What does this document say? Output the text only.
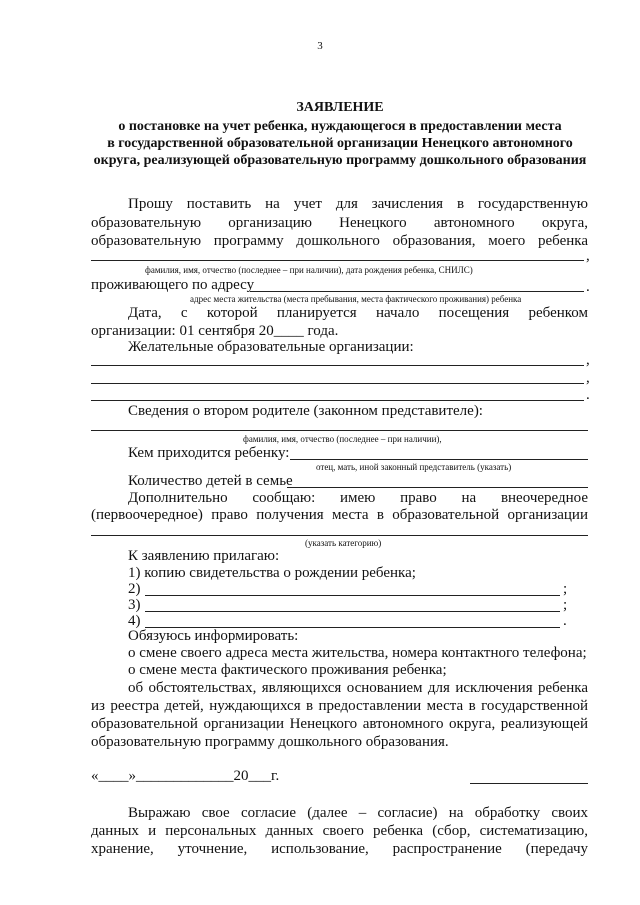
3
ЗАЯВЛЕНИЕ
о постановке на учет ребенка, нуждающегося в предоставлении места
в государственной образовательной организации Ненецкого автономного
округа, реализующей образовательную программу дошкольного образования
Прошу поставить на учет для зачисления в государственную
образовательную организацию Ненецкого автономного округа,
образовательную программу дошкольного образования, моего ребенка
,
фамилия, имя, отчество (последнее – при наличии), дата рождения ребенка, СНИЛС)
проживающего по адресу	.
адрес места жительства (места пребывания, места фактического проживания) ребенка
Дата, с которой планируется начало посещения ребенком
организации: 01 сентября 20____ года.
Желательные образовательные организации:
,
,
.
Сведения о втором родителе (законном представителе):
фамилия, имя, отчество (последнее – при наличии),
Кем приходится ребенку:
отец, мать, иной законный представитель (указать)
Количество детей в семье
Дополнительно сообщаю: имею право на внеочередное
(первоочередное) право получения места в образовательной организации
(указать категорию)
К заявлению прилагаю:
1) копию свидетельства о рождении ребенка;
2)	;
3)	;
4)	.
Обязуюсь информировать:
о смене своего адреса места жительства, номера контактного телефона;
о смене места фактического проживания ребенка;
об обстоятельствах, являющихся основанием для исключения ребенка
из реестра детей, нуждающихся в предоставлении места в государственной
образовательной организации Ненецкого автономного округа, реализующей
образовательную программу дошкольного образования.
«____»_____________20___г.
Выражаю свое согласие (далее – согласие) на обработку своих
данных и персональных данных своего ребенка (сбор, систематизацию,
хранение, уточнение, использование, распространение (передачу
